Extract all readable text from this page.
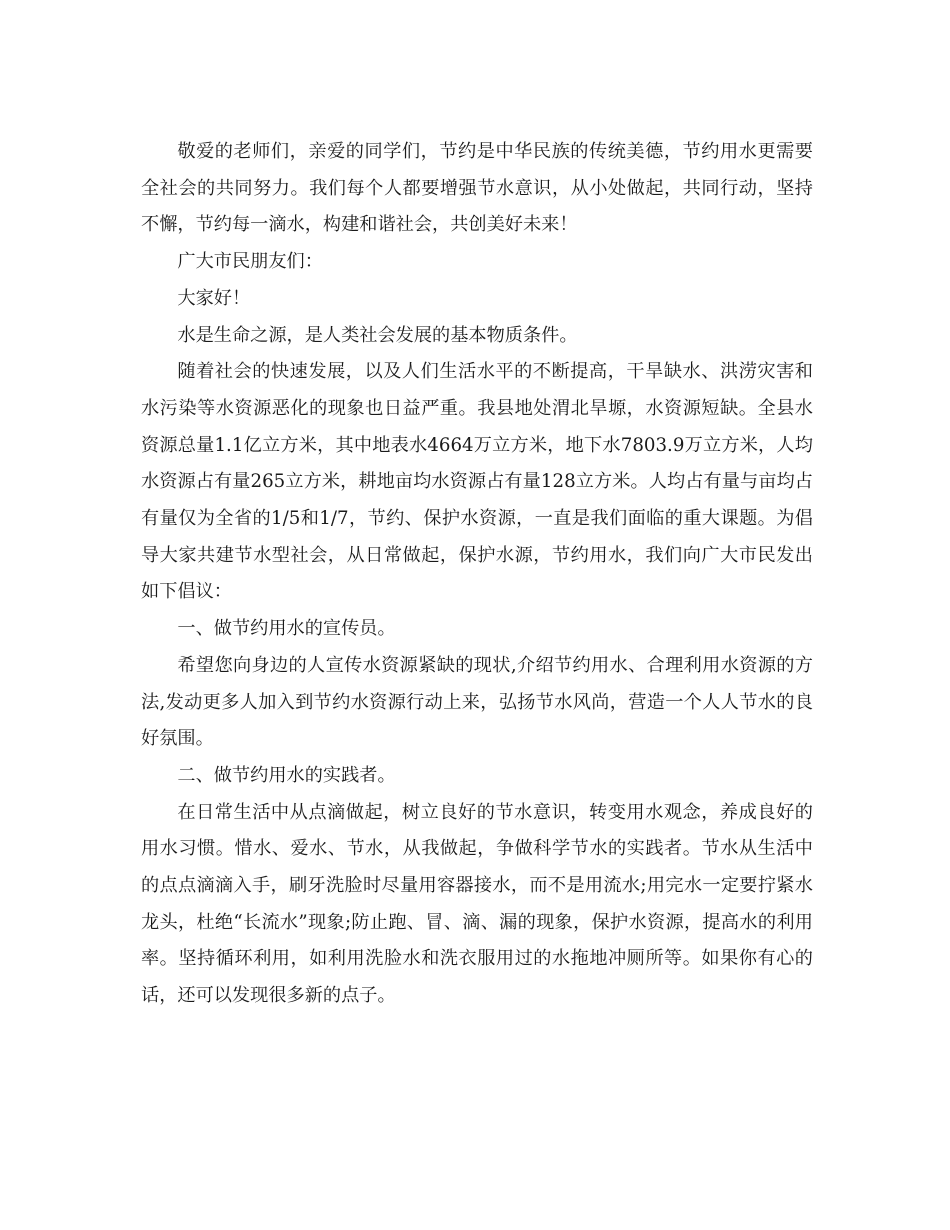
敬爱的老师们，亲爱的同学们，节约是中华民族的传统美德，节约用水更需要全社会的共同努力。我们每个人都要增强节水意识，从小处做起，共同行动，坚持不懈，节约每一滴水，构建和谐社会，共创美好未来！

广大市民朋友们：

大家好！

水是生命之源，是人类社会发展的基本物质条件。

随着社会的快速发展，以及人们生活水平的不断提高，干旱缺水、洪涝灾害和水污染等水资源恶化的现象也日益严重。我县地处渭北旱塬，水资源短缺。全县水资源总量1.1亿立方米，其中地表水4664万立方米，地下水7803.9万立方米，人均水资源占有量265立方米，耕地亩均水资源占有量128立方米。人均占有量与亩均占有量仅为全省的1/5和1/7，节约、保护水资源，一直是我们面临的重大课题。为倡导大家共建节水型社会，从日常做起，保护水源，节约用水，我们向广大市民发出如下倡议：

一、做节约用水的宣传员。

希望您向身边的人宣传水资源紧缺的现状,介绍节约用水、合理利用水资源的方法,发动更多人加入到节约水资源行动上来，弘扬节水风尚，营造一个人人节水的良好氛围。

二、做节约用水的实践者。

在日常生活中从点滴做起，树立良好的节水意识，转变用水观念，养成良好的用水习惯。惜水、爱水、节水，从我做起，争做科学节水的实践者。节水从生活中的点点滴滴入手，刷牙洗脸时尽量用容器接水，而不是用流水;用完水一定要拧紧水龙头，杜绝“长流水”现象;防止跑、冒、滴、漏的现象，保护水资源，提高水的利用率。坚持循环利用，如利用洗脸水和洗衣服用过的水拖地冲厕所等。如果你有心的话，还可以发现很多新的点子。
